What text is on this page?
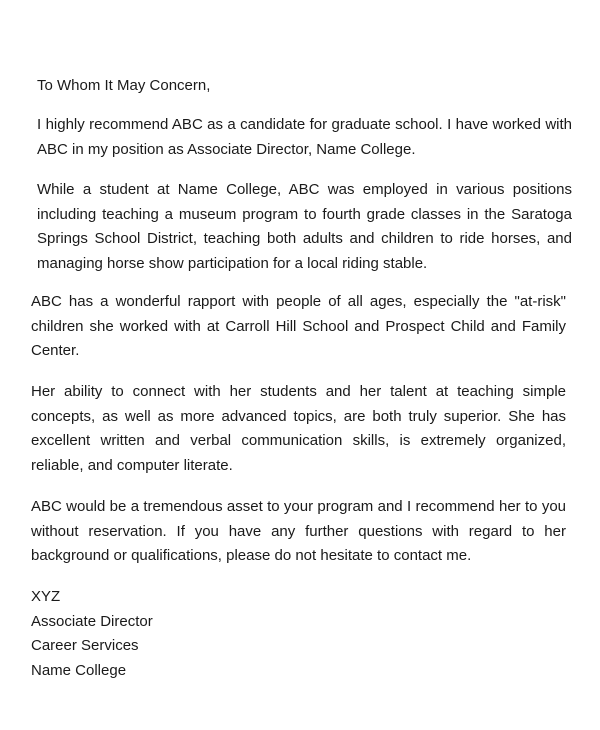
To Whom It May Concern,

I highly recommend ABC as a candidate for graduate school. I have worked with ABC in my position as Associate Director, Name College.

While a student at Name College, ABC was employed in various positions including teaching a museum program to fourth grade classes in the Saratoga Springs School District, teaching both adults and children to ride horses, and managing horse show participation for a local riding stable.

ABC has a wonderful rapport with people of all ages, especially the "at-risk" children she worked with at Carroll Hill School and Prospect Child and Family Center.

Her ability to connect with her students and her talent at teaching simple concepts, as well as more advanced topics, are both truly superior. She has excellent written and verbal communication skills, is extremely organized, reliable, and computer literate.

ABC would be a tremendous asset to your program and I recommend her to you without reservation. If you have any further questions with regard to her background or qualifications, please do not hesitate to contact me.

XYZ
Associate Director
Career Services
Name College
